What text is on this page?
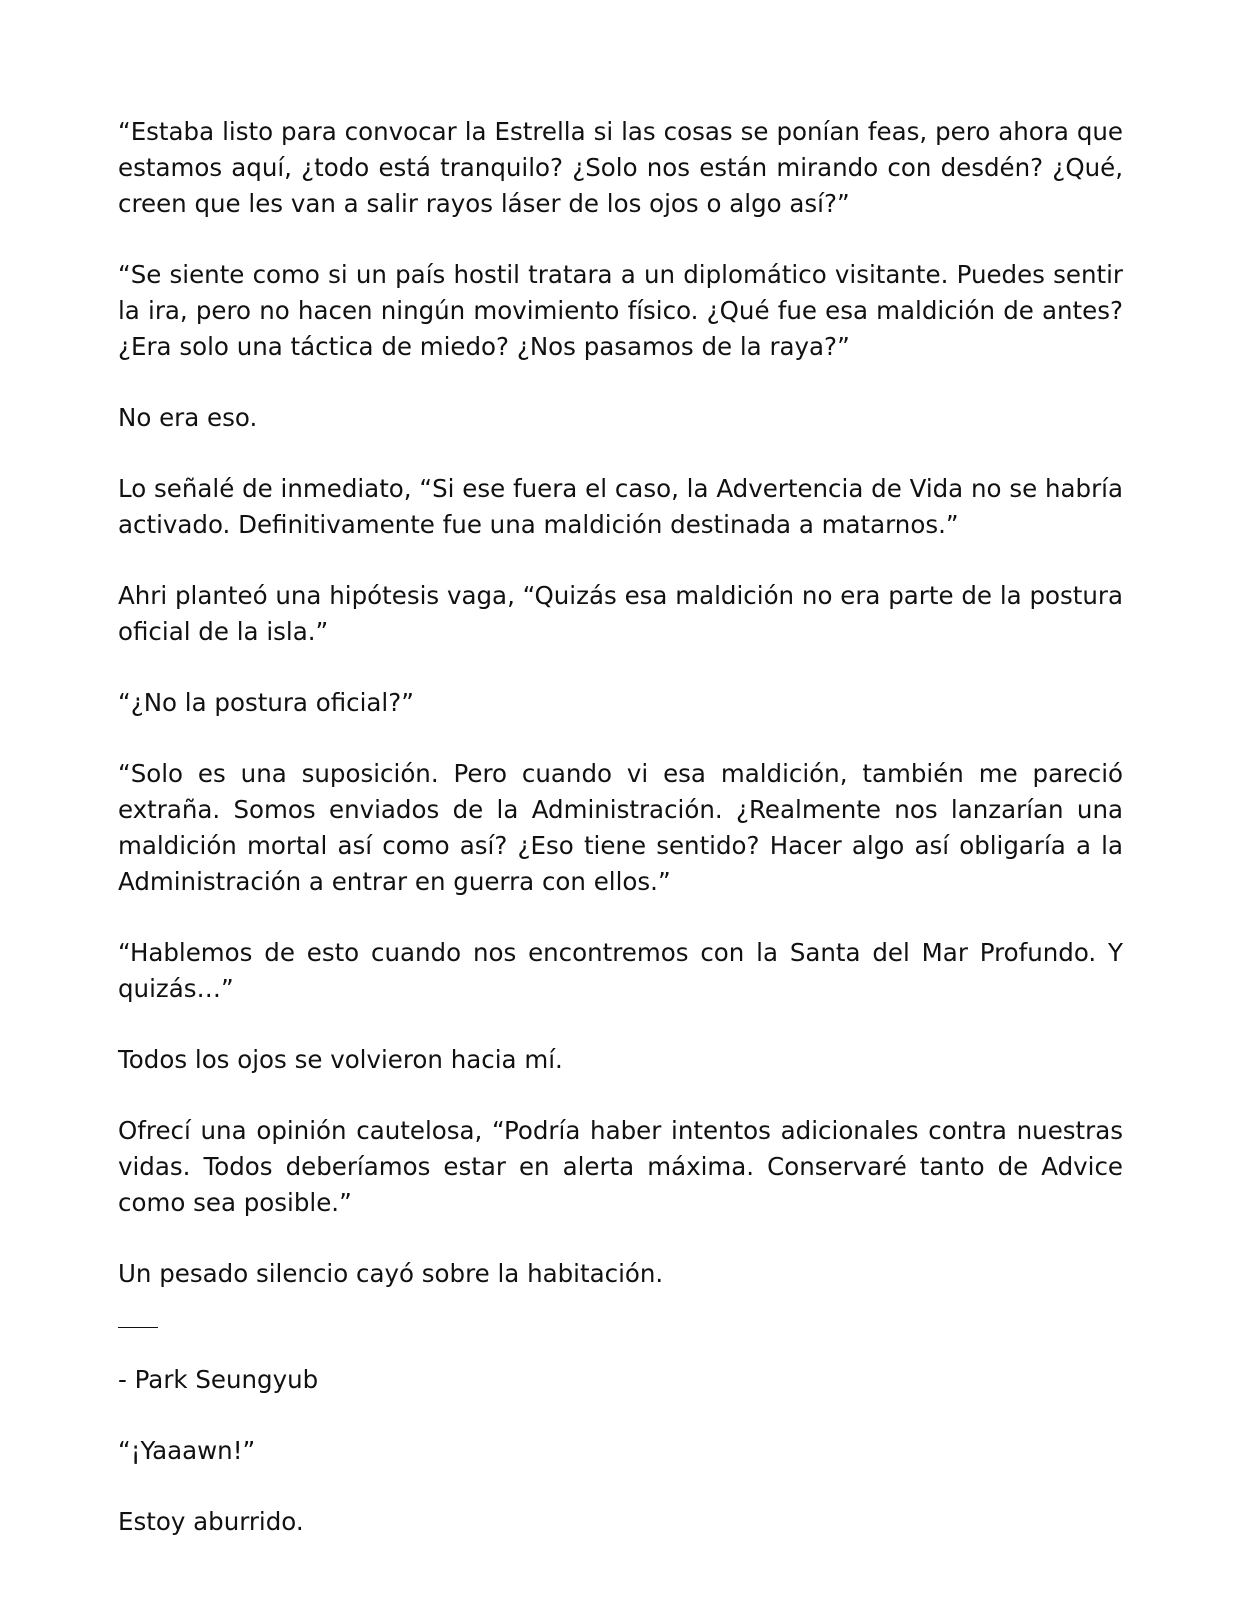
“Estaba listo para convocar la Estrella si las cosas se ponían feas, pero ahora que estamos aquí, ¿todo está tranquilo? ¿Solo nos están mirando con desdén? ¿Qué, creen que les van a salir rayos láser de los ojos o algo así?”

“Se siente como si un país hostil tratara a un diplomático visitante. Puedes sentir la ira, pero no hacen ningún movimiento físico. ¿Qué fue esa maldición de antes? ¿Era solo una táctica de miedo? ¿Nos pasamos de la raya?”

No era eso.

Lo señalé de inmediato, “Si ese fuera el caso, la Advertencia de Vida no se habría activado. Definitivamente fue una maldición destinada a matarnos.”

Ahri planteó una hipótesis vaga, “Quizás esa maldición no era parte de la postura oficial de la isla.”

“¿No la postura oficial?”

“Solo es una suposición. Pero cuando vi esa maldición, también me pareció extraña. Somos enviados de la Administración. ¿Realmente nos lanzarían una maldición mortal así como así? ¿Eso tiene sentido? Hacer algo así obligaría a la Administración a entrar en guerra con ellos.”

“Hablemos de esto cuando nos encontremos con la Santa del Mar Profundo. Y quizás…”

Todos los ojos se volvieron hacia mí.

Ofrecí una opinión cautelosa, “Podría haber intentos adicionales contra nuestras vidas. Todos deberíamos estar en alerta máxima. Conservaré tanto de Advice como sea posible.”

Un pesado silencio cayó sobre la habitación.

- Park Seungyub

“¡Yaaawn!”

Estoy aburrido.
